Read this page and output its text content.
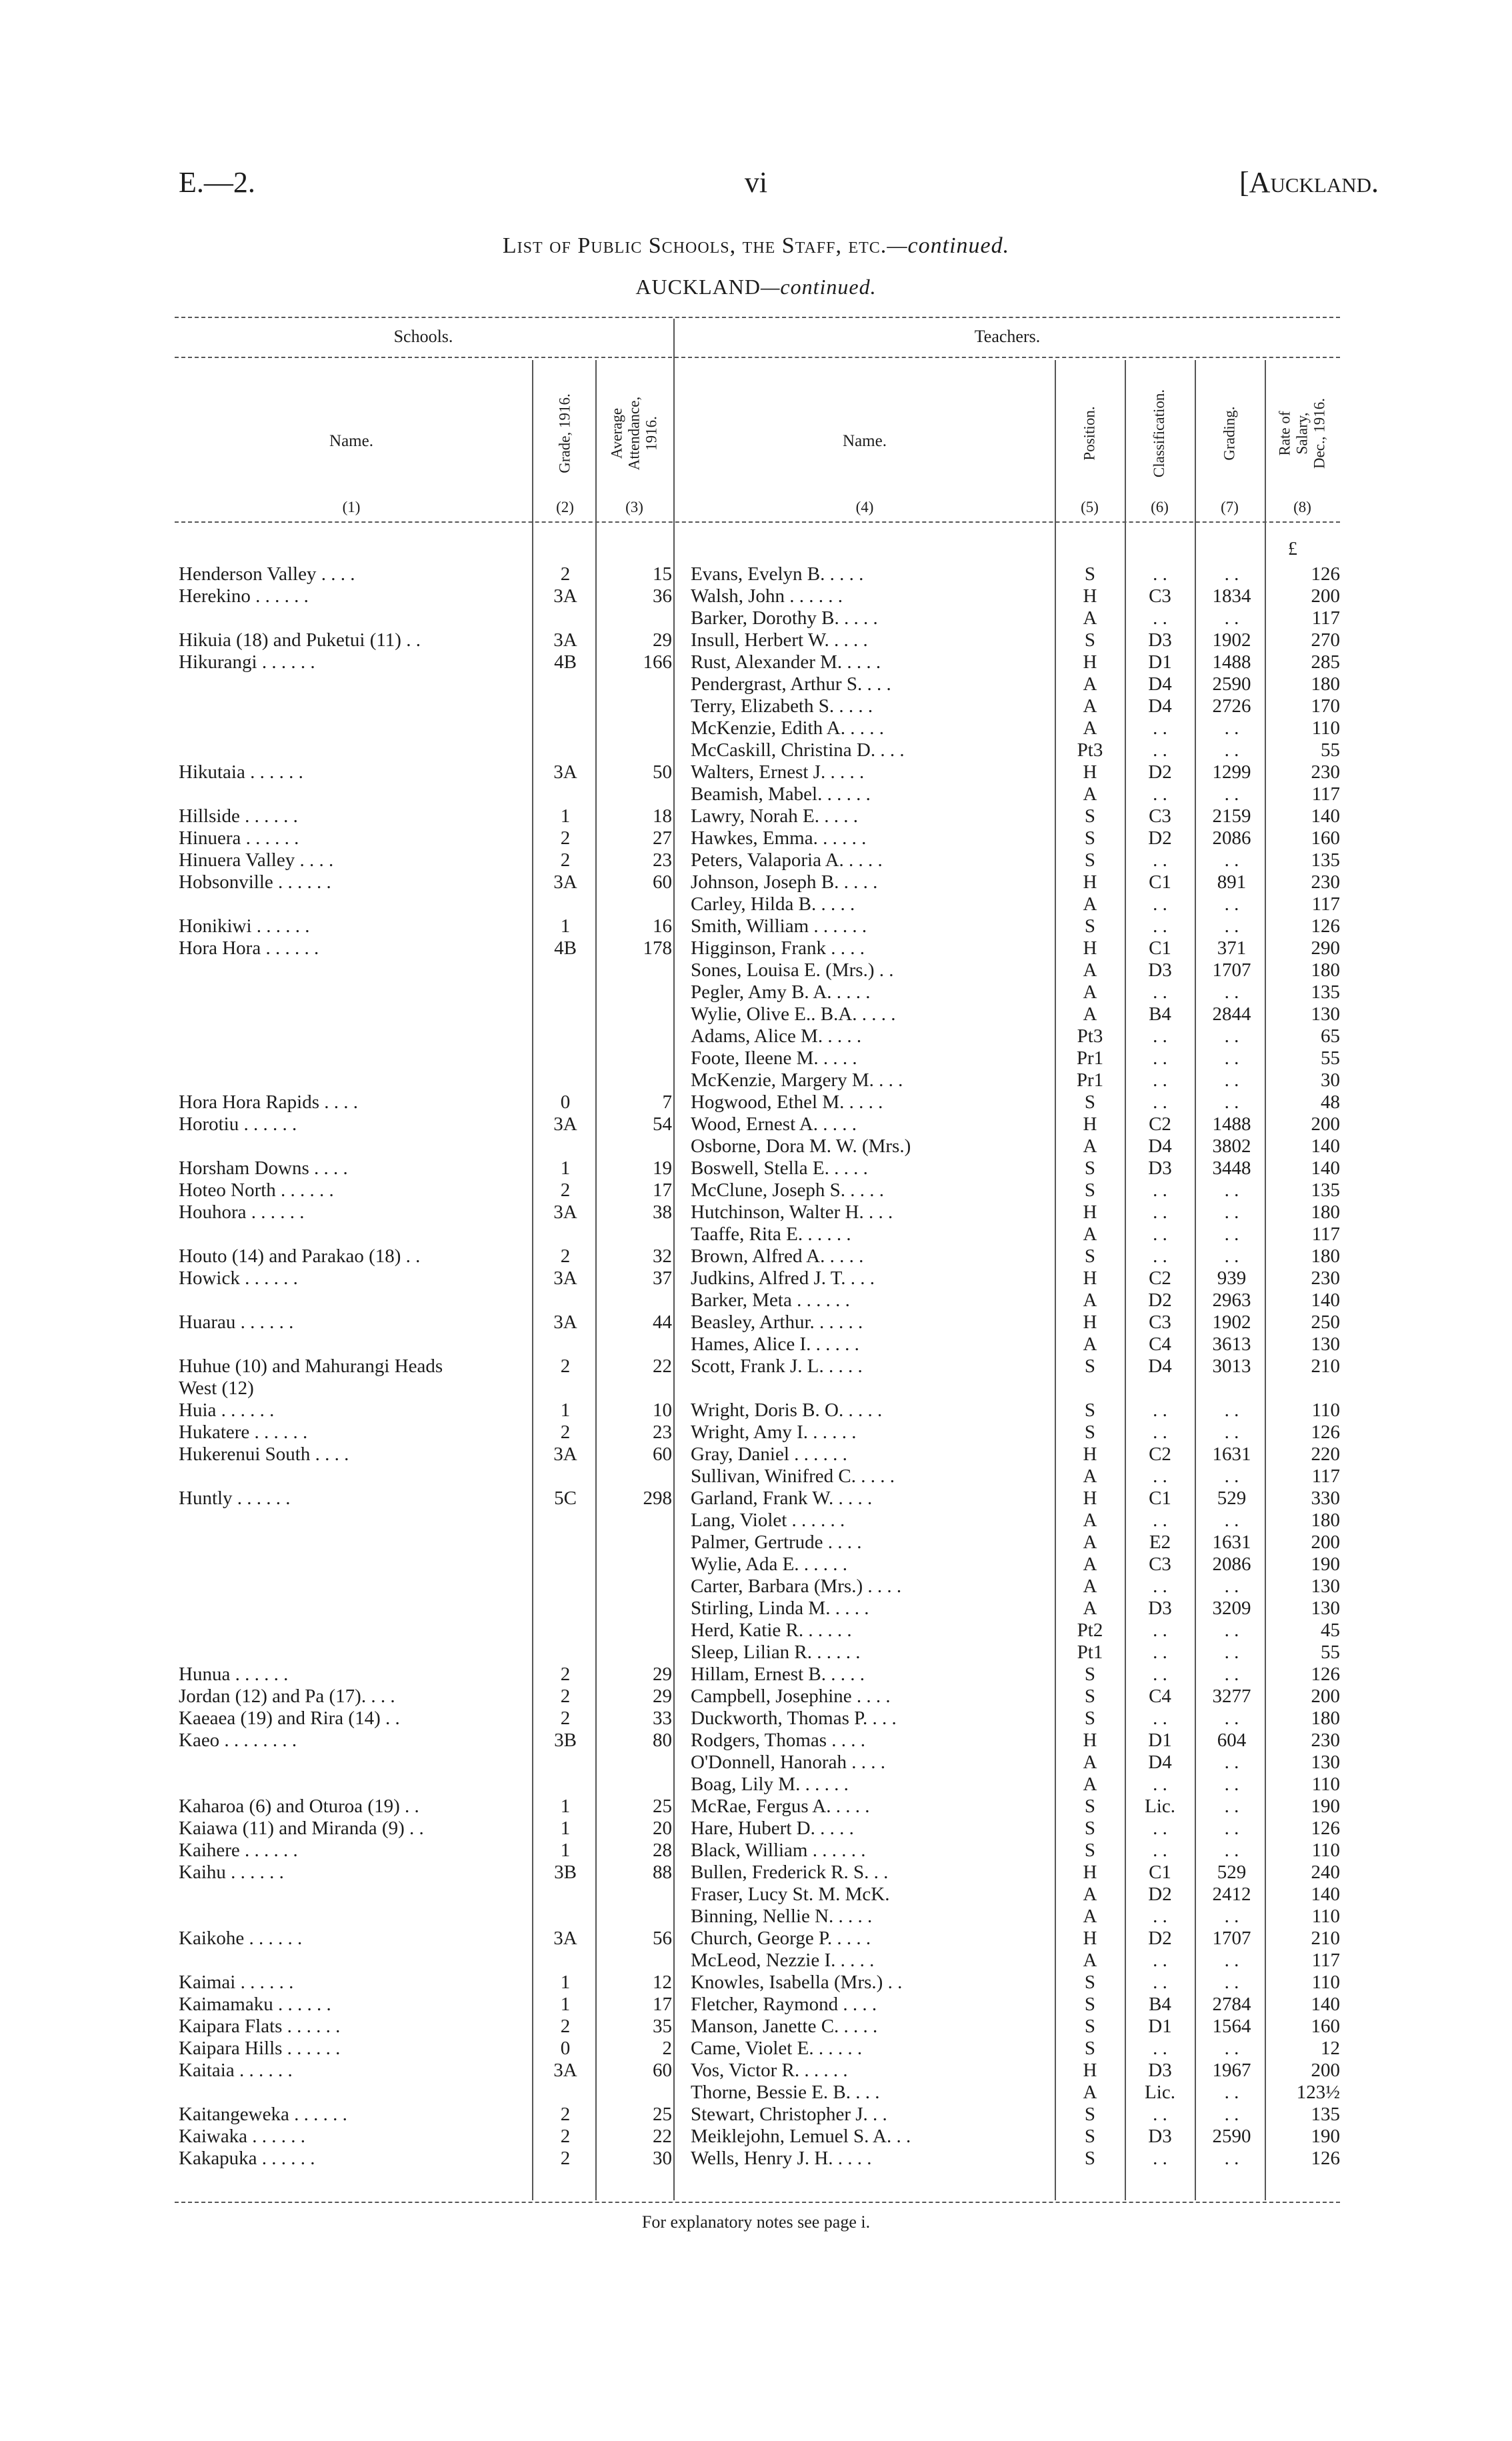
E.—2.	vi	[Auckland.
List of Public Schools, the Staff, etc.—continued.
AUCKLAND—continued.
Schools.	Teachers.
Name.	Grade, 1916. Average Attendance, 1916.	Name.	Position.	Classification.	Grading.	Rate of Salary, Dec., 1916.
(1)	(2)	(3)	(4)	(5)	(6)	(7)	(8)
£
Henderson Valley . . . .	2	15 Evans, Evelyn B. . . . .	S	. .	. .	126
Herekino . . . . . .	3A	36 Walsh, John . . . . . .	H	C3	1834	200
Barker, Dorothy B. . . . .	A	. .	. .	117
Hikuia (18) and Puketui (11) . .	3A	29 Insull, Herbert W. . . . .	S	D3	1902	270
Hikurangi . . . . . .	4B	166 Rust, Alexander M. . . . .	H	D1	1488	285
Pendergrast, Arthur S. . . .	A	D4	2590	180
Terry, Elizabeth S. . . . .	A	D4	2726	170
McKenzie, Edith A. . . . .	A	. .	. .	110
McCaskill, Christina D. . . .	Pt3	. .	. .	55
Hikutaia . . . . . .	3A	50 Walters, Ernest J. . . . .	H	D2	1299	230
Beamish, Mabel. . . . . .	A	. .	. .	117
Hillside . . . . . .	1	18 Lawry, Norah E. . . . .	S	C3	2159	140
Hinuera . . . . . .	2	27 Hawkes, Emma. . . . . .	S	D2	2086	160
Hinuera Valley . . . .	2	23 Peters, Valaporia A. . . . .	S	. .	. .	135
Hobsonville . . . . . .	3A	60 Johnson, Joseph B. . . . .	H	C1	891	230
Carley, Hilda B. . . . .	A	. .	. .	117
Honikiwi . . . . . .	1	16 Smith, William . . . . . .	S	. .	. .	126
Hora Hora . . . . . .	4B	178 Higginson, Frank . . . .	H	C1	371	290
Sones, Louisa E. (Mrs.) . .	A	D3	1707	180
Pegler, Amy B. A. . . . .	A	. .	. .	135
Wylie, Olive E.. B.A. . . . .	A	B4	2844	130
Adams, Alice M. . . . .	Pt3	. .	. .	65
Foote, Ileene M. . . . .	Pr1	. .	. .	55
McKenzie, Margery M. . . .	Pr1	. .	. .	30
Hora Hora Rapids . . . .	0	7 Hogwood, Ethel M. . . . .	S	. .	. .	48
Horotiu . . . . . .	3A	54 Wood, Ernest A. . . . .	H	C2	1488	200
Osborne, Dora M. W. (Mrs.)	A	D4	3802	140
Horsham Downs . . . .	1	19 Boswell, Stella E. . . . .	S	D3	3448	140
Hoteo North . . . . . .	2	17 McClune, Joseph S. . . . .	S	. .	. .	135
Houhora . . . . . .	3A	38 Hutchinson, Walter H. . . .	H	. .	. .	180
Taaffe, Rita E. . . . . .	A	. .	. .	117
Houto (14) and Parakao (18) . .	2	32 Brown, Alfred A. . . . .	S	. .	. .	180
Howick . . . . . .	3A	37 Judkins, Alfred J. T. . . .	H	C2	939	230
Barker, Meta . . . . . .	A	D2	2963	140
Huarau . . . . . .	3A	44 Beasley, Arthur. . . . . .	H	C3	1902	250
Hames, Alice I. . . . . .	A	C4	3613	130
Huhue (10) and Mahurangi Heads	2	22 Scott, Frank J. L. . . . .	S	D4	3013	210
West (12)
Huia . . . . . .	1	10 Wright, Doris B. O. . . . .	S	. .	. .	110
Hukatere . . . . . .	2	23 Wright, Amy I. . . . . .	S	. .	. .	126
Hukerenui South . . . .	3A	60 Gray, Daniel . . . . . .	H	C2	1631	220
Sullivan, Winifred C. . . . .	A	. .	. .	117
Huntly . . . . . .	5C	298 Garland, Frank W. . . . .	H	C1	529	330
Lang, Violet . . . . . .	A	. .	. .	180
Palmer, Gertrude . . . .	A	E2	1631	200
Wylie, Ada E. . . . . .	A	C3	2086	190
Carter, Barbara (Mrs.) . . . .	A	. .	. .	130
Stirling, Linda M. . . . .	A	D3	3209	130
Herd, Katie R. . . . . .	Pt2	. .	. .	45
Sleep, Lilian R. . . . . .	Pt1	. .	. .	55
Hunua . . . . . .	2	29 Hillam, Ernest B. . . . .	S	. .	. .	126
Jordan (12) and Pa (17). . . .	2	29 Campbell, Josephine . . . .	S	C4	3277	200
Kaeaea (19) and Rira (14) . .	2	33 Duckworth, Thomas P. . . .	S	. .	. .	180
Kaeo . . . . . . . .	3B	80 Rodgers, Thomas . . . .	H	D1	604	230
O'Donnell, Hanorah . . . .	A	D4	. .	130
Boag, Lily M. . . . . .	A	. .	. .	110
Kaharoa (6) and Oturoa (19) . .	1	25 McRae, Fergus A. . . . .	S	Lic.	. .	190
Kaiawa (11) and Miranda (9) . .	1	20 Hare, Hubert D. . . . .	S	. .	. .	126
Kaihere . . . . . .	1	28 Black, William . . . . . .	S	. .	. .	110
Kaihu . . . . . .	3B	88 Bullen, Frederick R. S. . .	H	C1	529	240
Fraser, Lucy St. M. McK.	A	D2	2412	140
Binning, Nellie N. . . . .	A	. .	. .	110
Kaikohe . . . . . .	3A	56 Church, George P. . . . .	H	D2	1707	210
McLeod, Nezzie I. . . . .	A	. .	. .	117
Kaimai . . . . . .	1	12 Knowles, Isabella (Mrs.) . .	S	. .	. .	110
Kaimamaku . . . . . .	1	17 Fletcher, Raymond . . . .	S	B4	2784	140
Kaipara Flats . . . . . .	2	35 Manson, Janette C. . . . .	S	D1	1564	160
Kaipara Hills . . . . . .	0	2 Came, Violet E. . . . . .	S	. .	. .	12
Kaitaia . . . . . .	3A	60 Vos, Victor R. . . . . .	H	D3	1967	200
Thorne, Bessie E. B. . . .	A	Lic.	. .	123½
Kaitangeweka . . . . . .	2	25 Stewart, Christopher J. . .	S	. .	. .	135
Kaiwaka . . . . . .	2	22 Meiklejohn, Lemuel S. A. . .	S	D3	2590	190
Kakapuka . . . . . .	2	30 Wells, Henry J. H. . . . .	S	. .	. .	126
For explanatory notes see page i.
